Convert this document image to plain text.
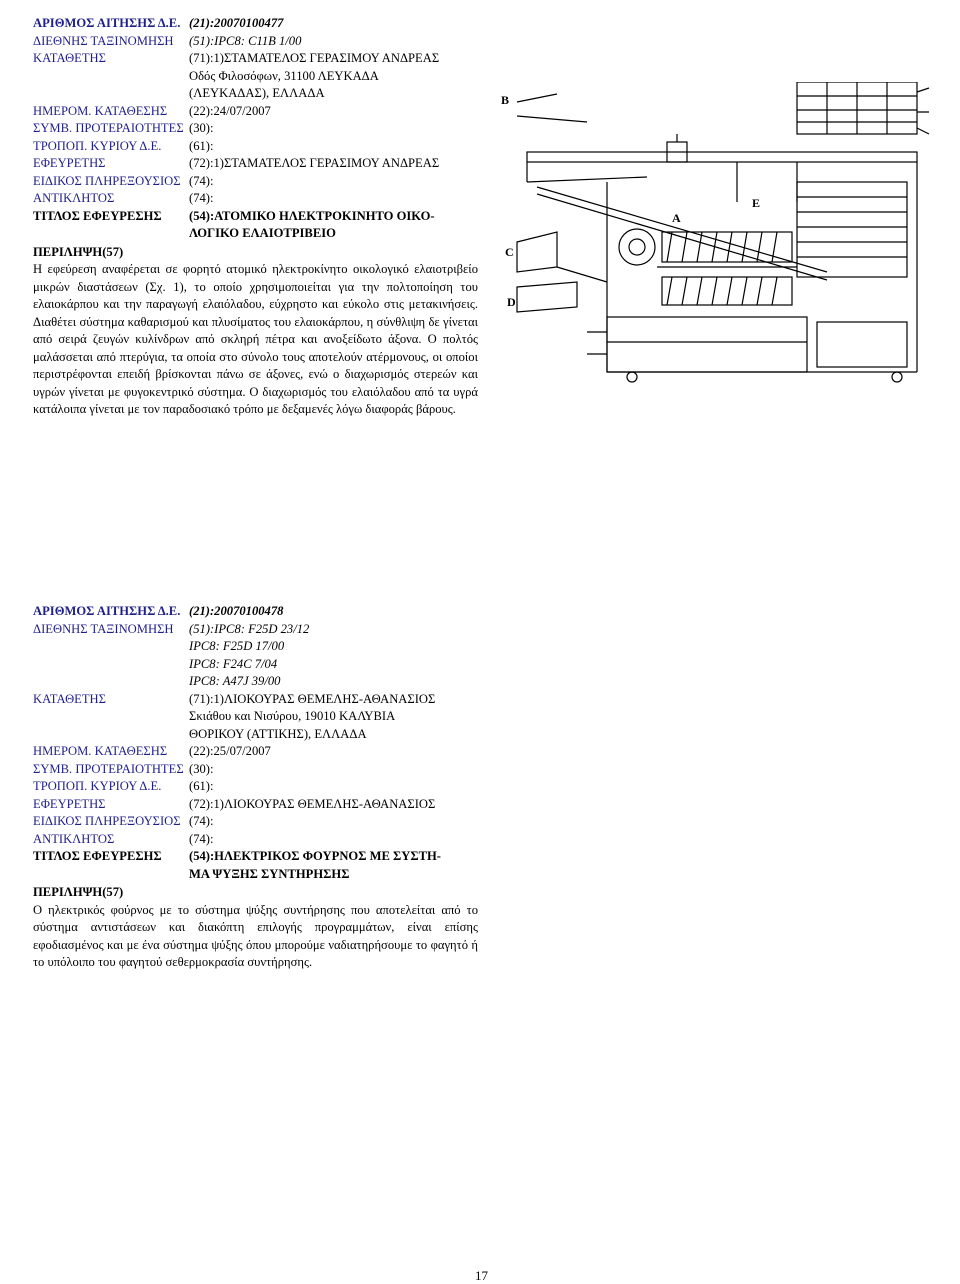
ΑΡΙΘΜΟΣ ΑΙΤΗΣΗΣ Δ.Ε. (21):20070100477
ΔΙΕΘΝΗΣ ΤΑΞΙΝΟΜΗΣΗ	(51):IPC8: C11B 1/00
ΚΑΤΑΘΕΤΗΣ	(71):1)ΣΤΑΜΑΤΕΛΟΣ ΓΕΡΑΣΙΜΟΥ ΑΝΔΡΕΑΣ
Οδός Φιλοσόφων, 31100 ΛΕΥΚΑΔΑ
(ΛΕΥΚΑΔΑΣ), ΕΛΛΑΔΑ
ΗΜΕΡΟΜ. ΚΑΤΑΘΕΣΗΣ	(22):24/07/2007
ΣΥΜΒ. ΠΡΟΤΕΡΑΙΟΤΗΤΕΣ (30):
ΤΡΟΠΟΠ. ΚΥΡΙΟΥ Δ.Ε.	(61):
ΕΦΕΥΡΕΤΗΣ	(72):1)ΣΤΑΜΑΤΕΛΟΣ ΓΕΡΑΣΙΜΟΥ ΑΝΔΡΕΑΣ
ΕΙΔΙΚΟΣ ΠΛΗΡΕΞΟΥΣΙΟΣ (74):
ΑΝΤΙΚΛΗΤΟΣ	(74):
ΤΙΤΛΟΣ ΕΦΕΥΡΕΣΗΣ	(54):ΑΤΟΜΙΚΟ ΗΛΕΚΤΡΟΚΙΝΗΤΟ ΟΙΚΟ-
ΛΟΓΙΚΟ ΕΛΑΙΟΤΡΙΒΕΙΟ
ΠΕΡΙΛΗΨΗ(57)
Η εφεύρεση αναφέρεται σε φορητό ατομικό ηλεκτροκίνητο οικολογικό ελαιοτριβείο μικρών διαστάσεων (Σχ. 1), το οποίο χρησιμοποιείται για την πολτοποίηση του ελαιοκάρπου και την παραγωγή ελαιόλαδου, εύχρηστο και εύκολο στις μετακινήσεις. Διαθέτει σύστημα καθαρισμού και πλυσίματος του ελαιοκάρπου, η σύνθλιψη δε γίνεται από σειρά ζευγών κυλίνδρων από σκληρή πέτρα και ανοξείδωτο άξονα. Ο πολτός μαλάσσεται από πτερύγια, τα οποία στο σύνολο τους αποτελούν ατέρμονους, οι οποίοι περιστρέφονται επειδή βρίσκονται πάνω σε άξονες, ενώ ο διαχωρισμός στερεών και υγρών γίνεται με φυγοκεντρικό σύστημα. Ο διαχωρισμός του ελαιόλαδου από τα υγρά κατάλοιπα γίνεται με τον παραδοσιακό τρόπο με δεξαμενές λόγω διαφοράς βάρους.
B
C
D
A
E
ΑΡΙΘΜΟΣ ΑΙΤΗΣΗΣ Δ.Ε. (21):20070100478
ΔΙΕΘΝΗΣ ΤΑΞΙΝΟΜΗΣΗ	(51):IPC8: F25D 23/12
IPC8: F25D 17/00
IPC8: F24C 7/04
IPC8: A47J 39/00
ΚΑΤΑΘΕΤΗΣ	(71):1)ΛΙΟΚΟΥΡΑΣ ΘΕΜΕΛΗΣ-ΑΘΑΝΑΣΙΟΣ
Σκιάθου και Νισύρου, 19010 ΚΑΛΥΒΙΑ
ΘΟΡΙΚΟΥ (ΑΤΤΙΚΗΣ), ΕΛΛΑΔΑ
ΗΜΕΡΟΜ. ΚΑΤΑΘΕΣΗΣ	(22):25/07/2007
ΣΥΜΒ. ΠΡΟΤΕΡΑΙΟΤΗΤΕΣ (30):
ΤΡΟΠΟΠ. ΚΥΡΙΟΥ Δ.Ε.	(61):
ΕΦΕΥΡΕΤΗΣ	(72):1)ΛΙΟΚΟΥΡΑΣ ΘΕΜΕΛΗΣ-ΑΘΑΝΑΣΙΟΣ
ΕΙΔΙΚΟΣ ΠΛΗΡΕΞΟΥΣΙΟΣ (74):
ΑΝΤΙΚΛΗΤΟΣ	(74):
ΤΙΤΛΟΣ ΕΦΕΥΡΕΣΗΣ	(54):ΗΛΕΚΤΡΙΚΟΣ ΦΟΥΡΝΟΣ ΜΕ ΣΥΣΤΗ-
ΜΑ ΨΥΞΗΣ ΣΥΝΤΗΡΗΣΗΣ
ΠΕΡΙΛΗΨΗ(57)
Ο ηλεκτρικός φούρνος με το σύστημα ψύξης συντήρησης που αποτελείται από το σύστημα αντιστάσεων και διακόπτη επιλογής προγραμμάτων, είναι επίσης εφοδιασμένος και με ένα σύστημα ψύξης όπου μπορούμε ναδιατηρήσουμε το φαγητό ή το υπόλοιπο του φαγητού σεθερμοκρασία συντήρησης.
17
